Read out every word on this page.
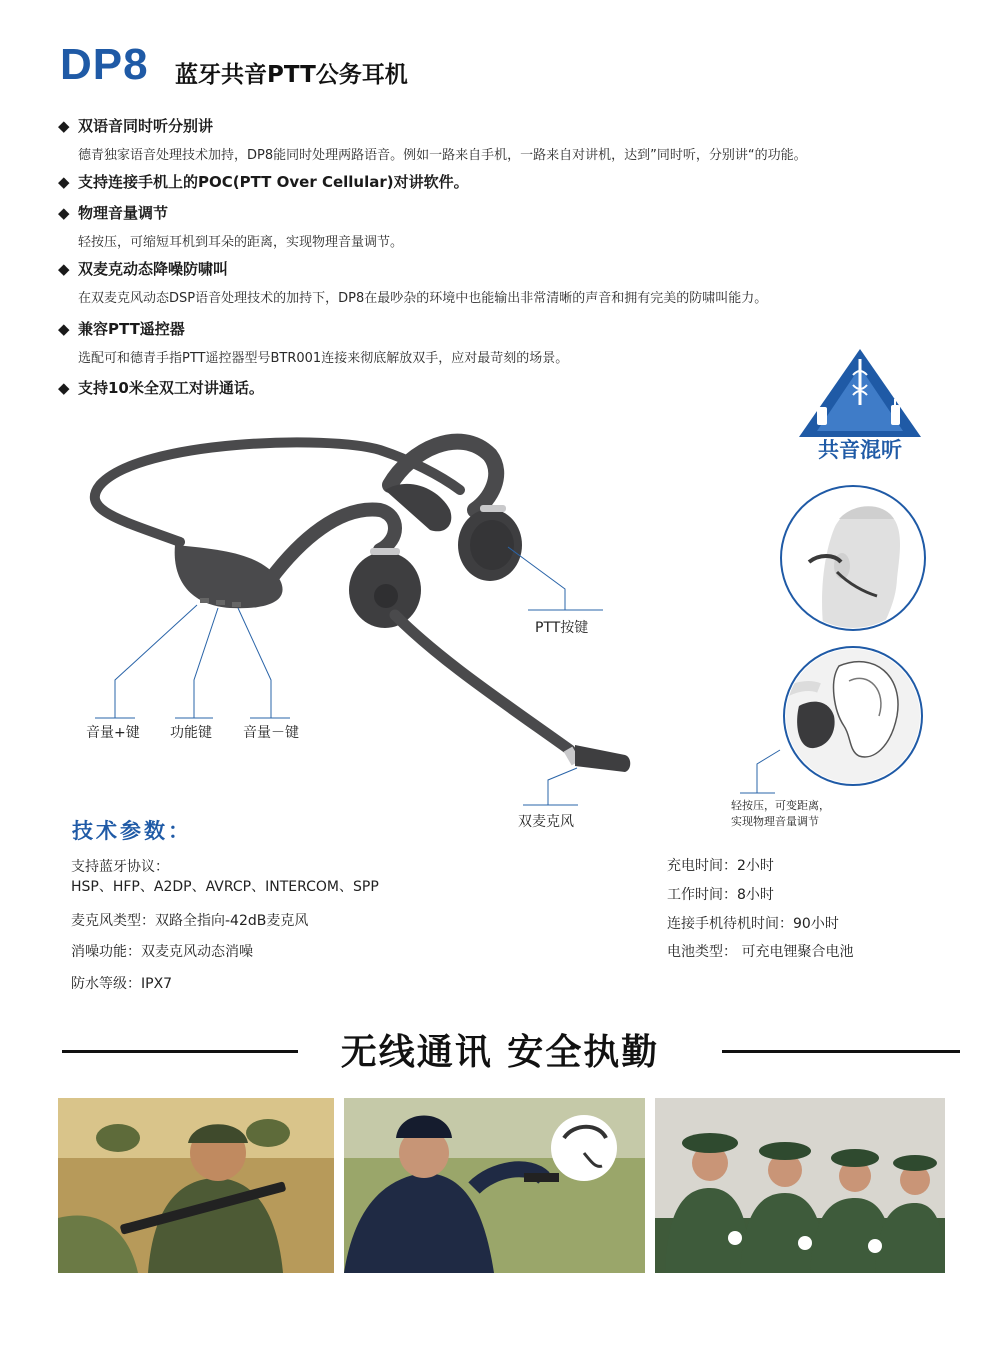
DP8 蓝牙共音PTT公务耳机
◆ 双语音同时听分别讲
德青独家语音处理技术加持，DP8能同时处理两路语音。例如一路来自手机，一路来自对讲机，达到”同时听，分别讲“的功能。
◆ 支持连接手机上的POC(PTT Over Cellular)对讲软件。
◆ 物理音量调节
轻按压，可缩短耳机到耳朵的距离，实现物理音量调节。
◆ 双麦克动态降噪防啸叫
在双麦克风动态DSP语音处理技术的加持下，DP8在最吵杂的环境中也能输出非常清晰的声音和拥有完美的防啸叫能力。
◆ 兼容PTT遥控器
选配可和德青手指PTT遥控器型号BTR001连接来彻底解放双手，应对最苛刻的场景。
◆ 支持10米全双工对讲通话。
共音混听
PTT按键
音量+键 功能键 音量－键
双麦克风
轻按压，可变距离，
实现物理音量调节
技术参数：
支持蓝牙协议：
HSP、HFP、A2DP、AVRCP、INTERCOM、SPP
麦克风类型：双路全指向-42dB麦克风
消噪功能：双麦克风动态消噪
防水等级：IPX7
充电时间：2小时
工作时间：8小时
连接手机待机时间：90小时
电池类型： 可充电锂聚合电池
无线通讯 安全执勤
